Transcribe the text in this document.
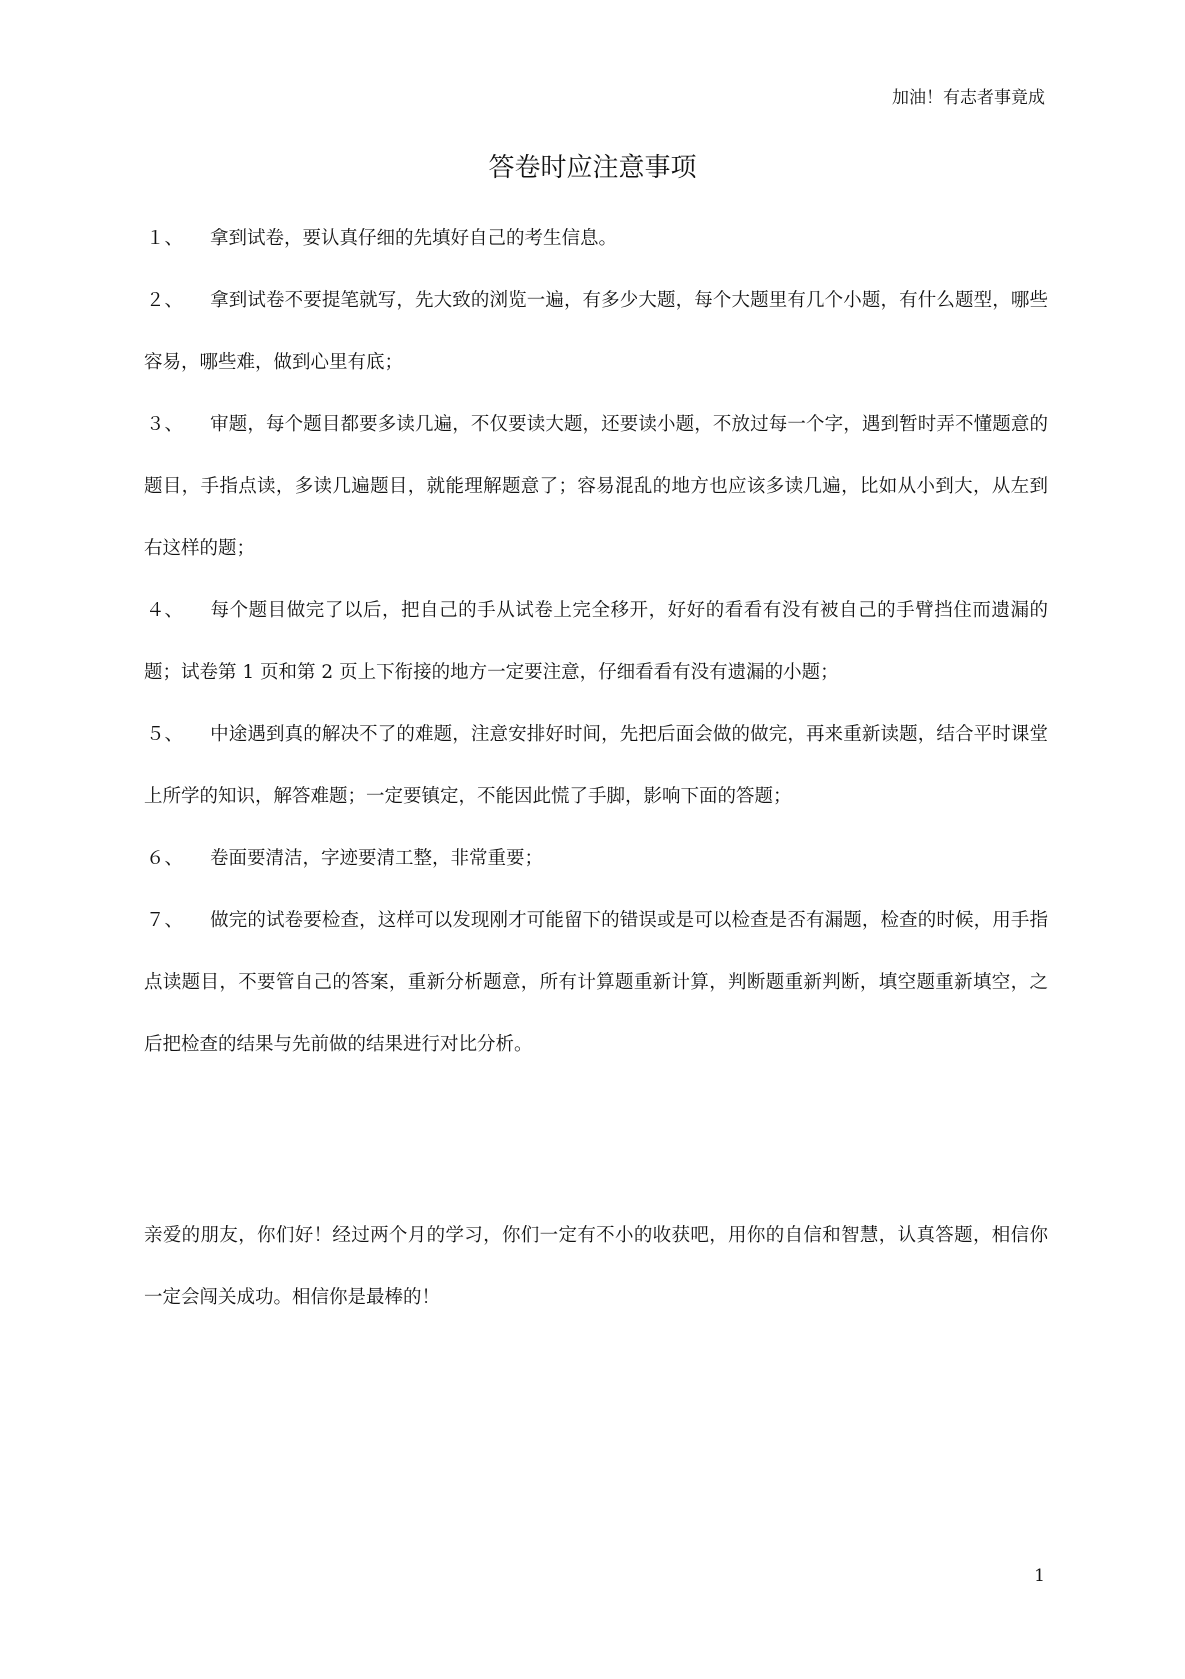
加油！有志者事竟成
答卷时应注意事项

１、 拿到试卷，要认真仔细的先填好自己的考生信息。

２、 拿到试卷不要提笔就写，先大致的浏览一遍，有多少大题，每个大题里有几个小题，有什么题型，哪些容易，哪些难，做到心里有底；

３、 审题，每个题目都要多读几遍，不仅要读大题，还要读小题，不放过每一个字，遇到暂时弄不懂题意的题目，手指点读，多读几遍题目，就能理解题意了；容易混乱的地方也应该多读几遍，比如从小到大，从左到右这样的题；

４、 每个题目做完了以后，把自己的手从试卷上完全移开，好好的看看有没有被自己的手臂挡住而遗漏的题；试卷第 1 页和第 2 页上下衔接的地方一定要注意，仔细看看有没有遗漏的小题；

５、 中途遇到真的解决不了的难题，注意安排好时间，先把后面会做的做完，再来重新读题，结合平时课堂上所学的知识，解答难题；一定要镇定，不能因此慌了手脚，影响下面的答题；

６、 卷面要清洁，字迹要清工整，非常重要；

７、 做完的试卷要检查，这样可以发现刚才可能留下的错误或是可以检查是否有漏题，检查的时候，用手指点读题目，不要管自己的答案，重新分析题意，所有计算题重新计算，判断题重新判断，填空题重新填空，之后把检查的结果与先前做的结果进行对比分析。

亲爱的朋友，你们好！经过两个月的学习，你们一定有不小的收获吧，用你的自信和智慧，认真答题，相信你一定会闯关成功。相信你是最棒的！

1
